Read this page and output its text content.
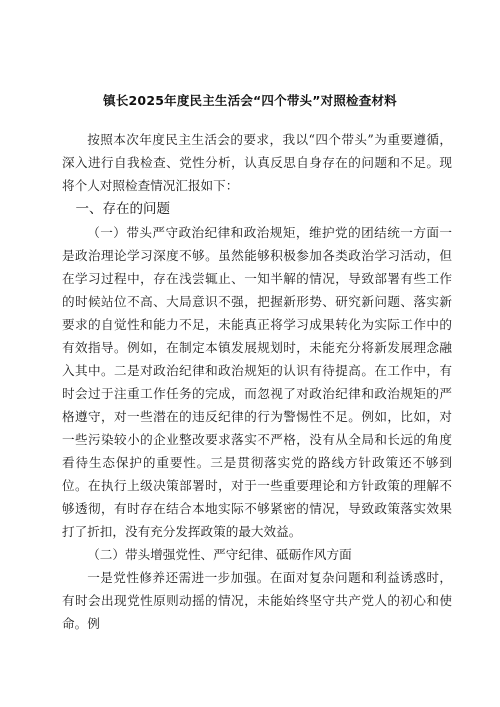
镇长2025年度民主生活会“四个带头”对照检查材料

按照本次年度民主生活会的要求，我以“四个带头”为重要遵循，深入进行自我检查、党性分析，认真反思自身存在的问题和不足。现将个人对照检查情况汇报如下：

一、存在的问题

（一）带头严守政治纪律和政治规矩，维护党的团结统一方面一是政治理论学习深度不够。虽然能够积极参加各类政治学习活动，但在学习过程中，存在浅尝辄止、一知半解的情况，导致部署有些工作的时候站位不高、大局意识不强，把握新形势、研究新问题、落实新要求的自觉性和能力不足，未能真正将学习成果转化为实际工作中的有效指导。例如，在制定本镇发展规划时，未能充分将新发展理念融入其中。二是对政治纪律和政治规矩的认识有待提高。在工作中，有时会过于注重工作任务的完成，而忽视了对政治纪律和政治规矩的严格遵守，对一些潜在的违反纪律的行为警惕性不足。例如，比如，对一些污染较小的企业整改要求落实不严格，没有从全局和长远的角度看待生态保护的重要性。三是贯彻落实党的路线方针政策还不够到位。在执行上级决策部署时，对于一些重要理论和方针政策的理解不够透彻，有时存在结合本地实际不够紧密的情况，导致政策落实效果打了折扣，没有充分发挥政策的最大效益。

（二）带头增强党性、严守纪律、砥砺作风方面

一是党性修养还需进一步加强。在面对复杂问题和利益诱惑时，有时会出现党性原则动摇的情况，未能始终坚守共产党人的初心和使命。例
